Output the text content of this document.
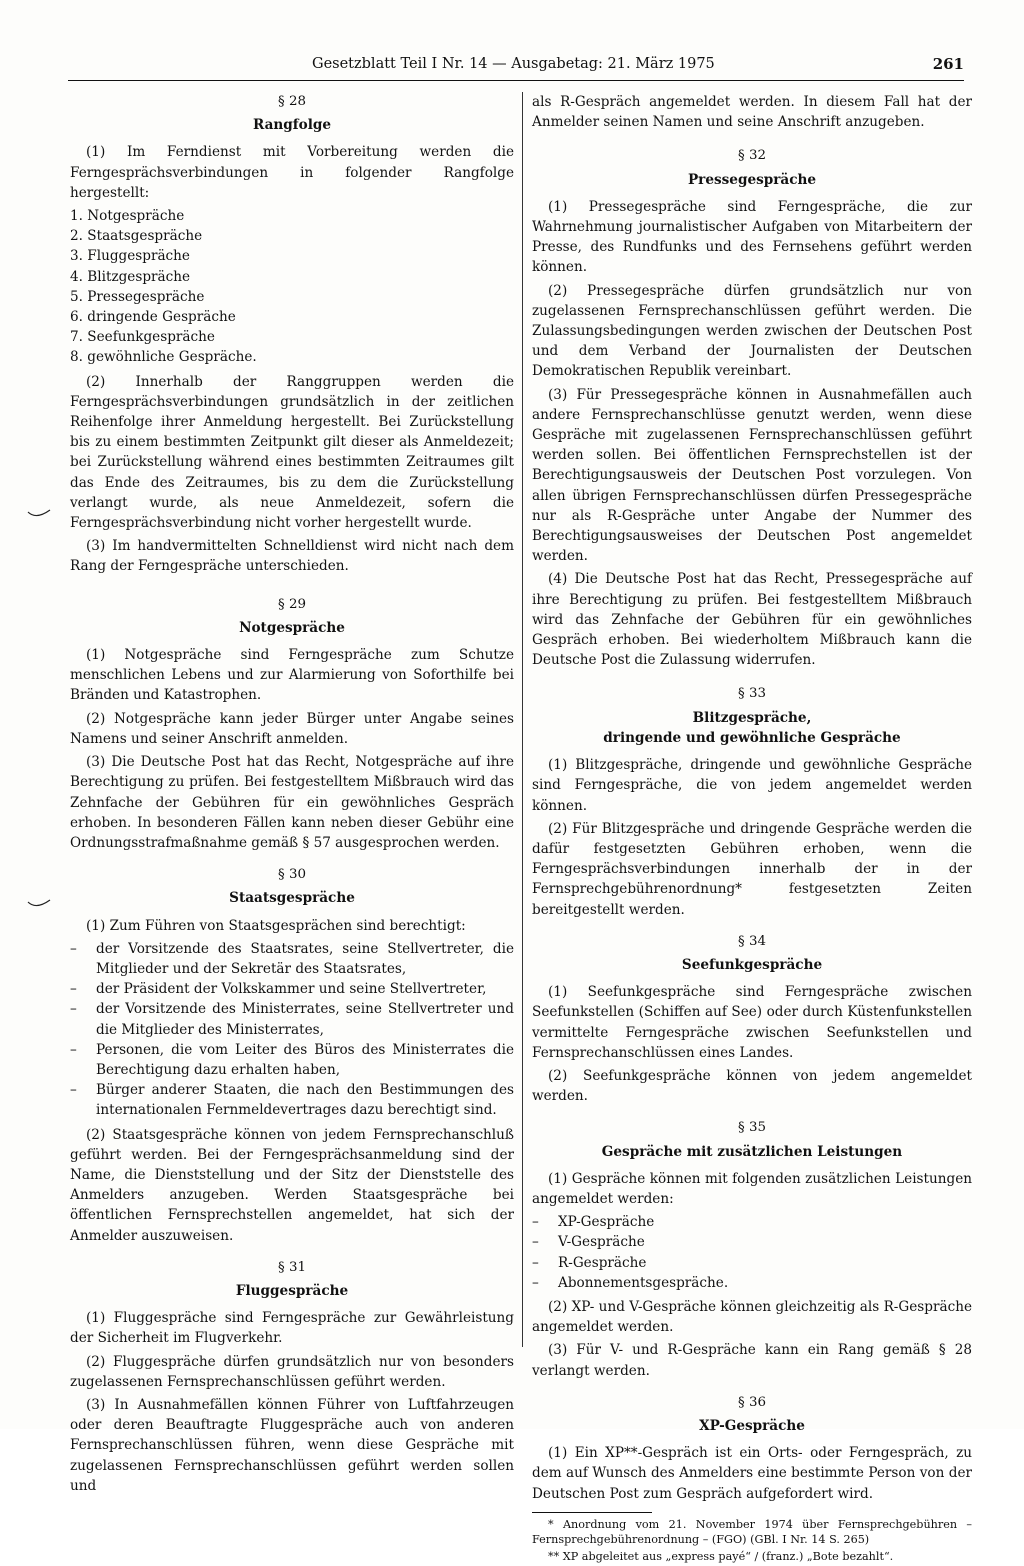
Gesetzblatt Teil I Nr. 14 — Ausgabetag: 21. März 1975	261
§ 28
Rangfolge

(1) Im Ferndienst mit Vorbereitung werden die Ferngesprächsverbindungen in folgender Rangfolge hergestellt:

1. Notgespräche
2. Staatsgespräche
3. Fluggespräche
4. Blitzgespräche
5. Pressegespräche
6. dringende Gespräche
7. Seefunkgespräche
8. gewöhnliche Gespräche.

(2) Innerhalb der Ranggruppen werden die Ferngesprächsverbindungen grundsätzlich in der zeitlichen Reihenfolge ihrer Anmeldung hergestellt. Bei Zurückstellung bis zu einem bestimmten Zeitpunkt gilt dieser als Anmeldezeit; bei Zurückstellung während eines bestimmten Zeitraumes gilt das Ende des Zeitraumes, bis zu dem die Zurückstellung verlangt wurde, als neue Anmeldezeit, sofern die Ferngesprächsverbindung nicht vorher hergestellt wurde.

(3) Im handvermittelten Schnelldienst wird nicht nach dem Rang der Ferngespräche unterschieden.

§ 29
Notgespräche

(1) Notgespräche sind Ferngespräche zum Schutze menschlichen Lebens und zur Alarmierung von Soforthilfe bei Bränden und Katastrophen.

(2) Notgespräche kann jeder Bürger unter Angabe seines Namens und seiner Anschrift anmelden.

(3) Die Deutsche Post hat das Recht, Notgespräche auf ihre Berechtigung zu prüfen. Bei festgestelltem Mißbrauch wird das Zehnfache der Gebühren für ein gewöhnliches Gespräch erhoben. In besonderen Fällen kann neben dieser Gebühr eine Ordnungsstrafmaßnahme gemäß § 57 ausgesprochen werden.

§ 30
Staatsgespräche

(1) Zum Führen von Staatsgesprächen sind berechtigt:

– der Vorsitzende des Staatsrates, seine Stellvertreter, die Mitglieder und der Sekretär des Staatsrates,
– der Präsident der Volkskammer und seine Stellvertreter,
– der Vorsitzende des Ministerrates, seine Stellvertreter und die Mitglieder des Ministerrates,
– Personen, die vom Leiter des Büros des Ministerrates die Berechtigung dazu erhalten haben,
– Bürger anderer Staaten, die nach den Bestimmungen des internationalen Fernmeldevertrages dazu berechtigt sind.

(2) Staatsgespräche können von jedem Fernsprechanschluß geführt werden. Bei der Ferngesprächsanmeldung sind der Name, die Dienststellung und der Sitz der Dienststelle des Anmelders anzugeben. Werden Staatsgespräche bei öffentlichen Fernsprechstellen angemeldet, hat sich der Anmelder auszuweisen.

§ 31
Fluggespräche

(1) Fluggespräche sind Ferngespräche zur Gewährleistung der Sicherheit im Flugverkehr.

(2) Fluggespräche dürfen grundsätzlich nur von besonders zugelassenen Fernsprechanschlüssen geführt werden.

(3) In Ausnahmefällen können Führer von Luftfahrzeugen oder deren Beauftragte Fluggespräche auch von anderen Fernsprechanschlüssen führen, wenn diese Gespräche mit zugelassenen Fernsprechanschlüssen geführt werden sollen und

als R-Gespräch angemeldet werden. In diesem Fall hat der Anmelder seinen Namen und seine Anschrift anzugeben.

§ 32
Pressegespräche

(1) Pressegespräche sind Ferngespräche, die zur Wahrnehmung journalistischer Aufgaben von Mitarbeitern der Presse, des Rundfunks und des Fernsehens geführt werden können.

(2) Pressegespräche dürfen grundsätzlich nur von zugelassenen Fernsprechanschlüssen geführt werden. Die Zulassungsbedingungen werden zwischen der Deutschen Post und dem Verband der Journalisten der Deutschen Demokratischen Republik vereinbart.

(3) Für Pressegespräche können in Ausnahmefällen auch andere Fernsprechanschlüsse genutzt werden, wenn diese Gespräche mit zugelassenen Fernsprechanschlüssen geführt werden sollen. Bei öffentlichen Fernsprechstellen ist der Berechtigungsausweis der Deutschen Post vorzulegen. Von allen übrigen Fernsprechanschlüssen dürfen Pressegespräche nur als R-Gespräche unter Angabe der Nummer des Berechtigungsausweises der Deutschen Post angemeldet werden.

(4) Die Deutsche Post hat das Recht, Pressegespräche auf ihre Berechtigung zu prüfen. Bei festgestelltem Mißbrauch wird das Zehnfache der Gebühren für ein gewöhnliches Gespräch erhoben. Bei wiederholtem Mißbrauch kann die Deutsche Post die Zulassung widerrufen.

§ 33
Blitzgespräche,
dringende und gewöhnliche Gespräche

(1) Blitzgespräche, dringende und gewöhnliche Gespräche sind Ferngespräche, die von jedem angemeldet werden können.

(2) Für Blitzgespräche und dringende Gespräche werden die dafür festgesetzten Gebühren erhoben, wenn die Ferngesprächsverbindungen innerhalb der in der Fernsprechgebührenordnung* festgesetzten Zeiten bereitgestellt werden.

§ 34
Seefunkgespräche

(1) Seefunkgespräche sind Ferngespräche zwischen Seefunkstellen (Schiffen auf See) oder durch Küstenfunkstellen vermittelte Ferngespräche zwischen Seefunkstellen und Fernsprechanschlüssen eines Landes.

(2) Seefunkgespräche können von jedem angemeldet werden.

§ 35
Gespräche mit zusätzlichen Leistungen

(1) Gespräche können mit folgenden zusätzlichen Leistungen angemeldet werden:

– XP-Gespräche
– V-Gespräche
– R-Gespräche
– Abonnementsgespräche.

(2) XP- und V-Gespräche können gleichzeitig als R-Gespräche angemeldet werden.

(3) Für V- und R-Gespräche kann ein Rang gemäß § 28 verlangt werden.

§ 36
XP-Gespräche

(1) Ein XP**-Gespräch ist ein Orts- oder Ferngespräch, zu dem auf Wunsch des Anmelders eine bestimmte Person von der Deutschen Post zum Gespräch aufgefordert wird.

* Anordnung vom 21. November 1974 über Fernsprechgebühren – Fernsprechgebührenordnung – (FGO) (GBl. I Nr. 14 S. 265)

** XP abgeleitet aus „express payé“ / (franz.) „Bote bezahlt“.
